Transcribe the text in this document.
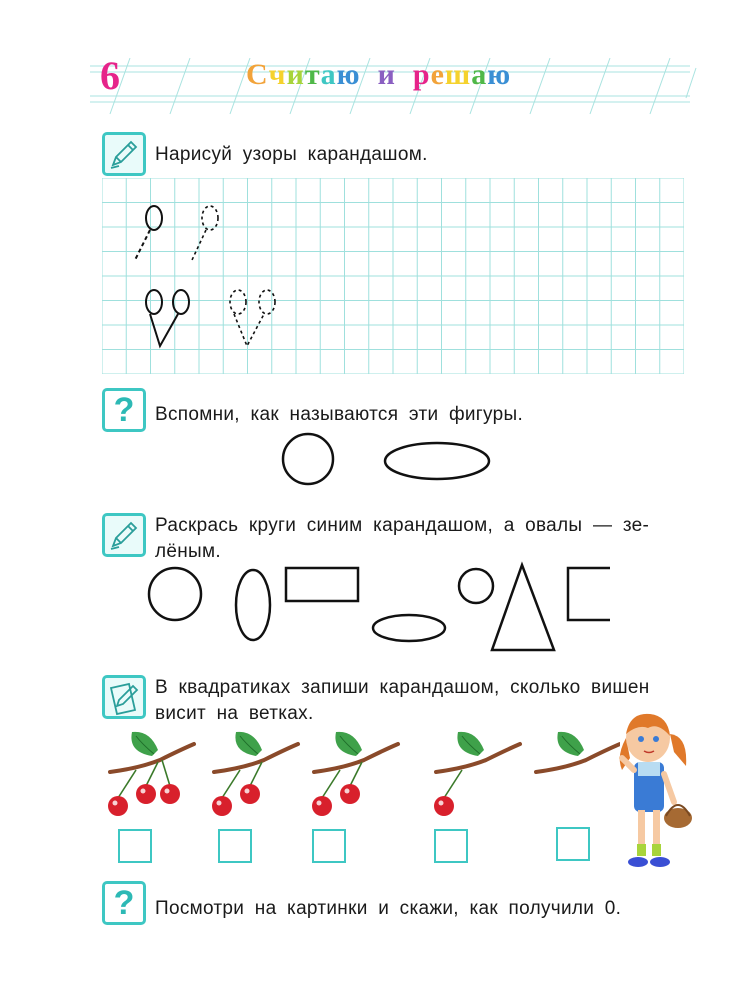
6	Считаю и решаю
Нарисуй узоры карандашом.
?	Вспомни, как называются эти фигуры.
Раскрась круги синим карандашом, а овалы — зе-
лёным.
В квадратиках запиши карандашом, сколько вишен
висит на ветках.
?	Посмотри на картинки и скажи, как получили 0.
